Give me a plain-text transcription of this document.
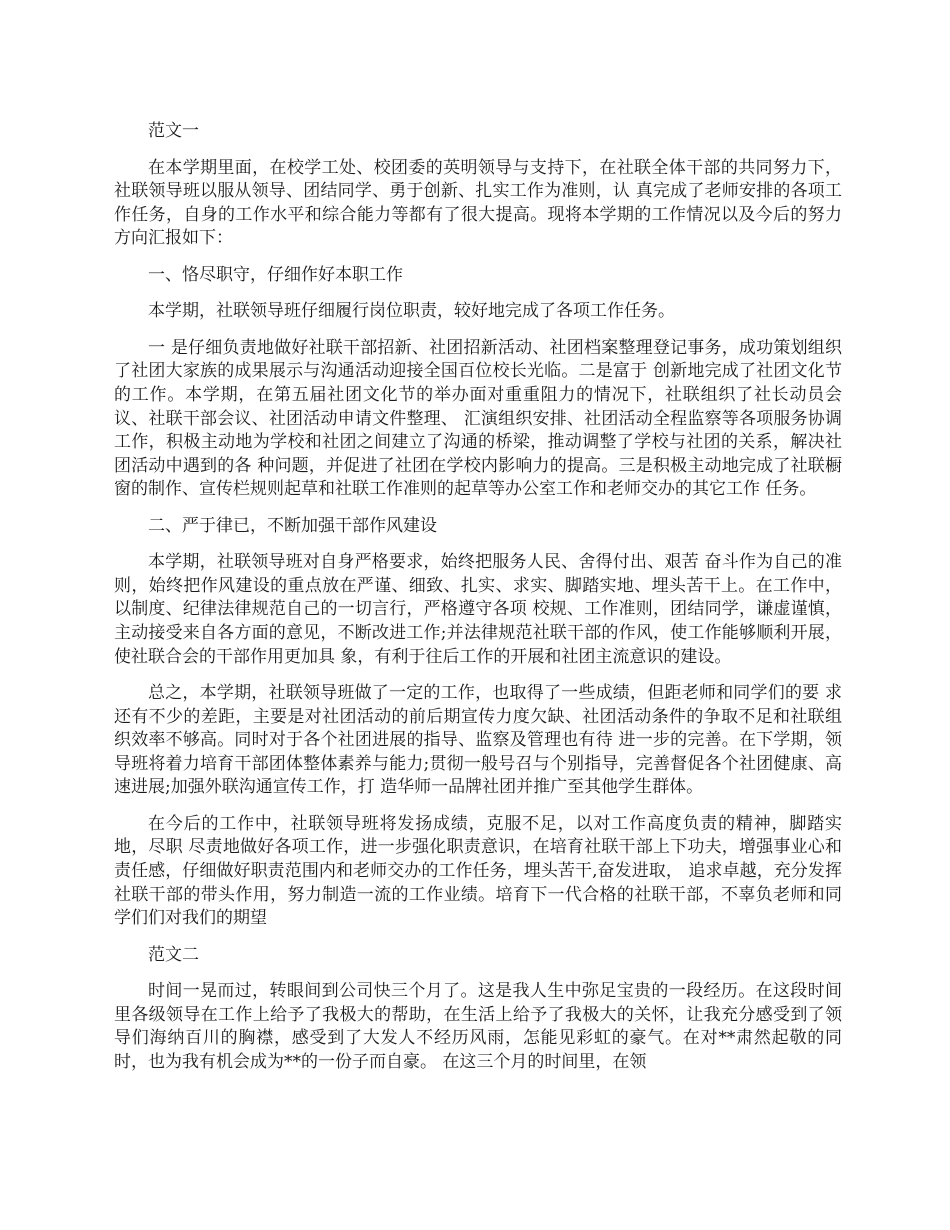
范文一

在本学期里面，在校学工处、校团委的英明领导与支持下，在社联全体干部的共同努力下，社联领导班以服从领导、团结同学、勇于创新、扎实工作为准则，认 真完成了老师安排的各项工作任务，自身的工作水平和综合能力等都有了很大提高。现将本学期的工作情况以及今后的努力方向汇报如下：

一、恪尽职守，仔细作好本职工作

本学期，社联领导班仔细履行岗位职责，较好地完成了各项工作任务。

一 是仔细负责地做好社联干部招新、社团招新活动、社团档案整理登记事务，成功策划组织了社团大家族的成果展示与沟通活动迎接全国百位校长光临。二是富于 创新地完成了社团文化节的工作。本学期，在第五届社团文化节的举办面对重重阻力的情况下，社联组织了社长动员会议、社联干部会议、社团活动申请文件整理、 汇演组织安排、社团活动全程监察等各项服务协调工作，积极主动地为学校和社团之间建立了沟通的桥梁，推动调整了学校与社团的关系，解决社团活动中遇到的各 种问题，并促进了社团在学校内影响力的提高。三是积极主动地完成了社联橱窗的制作、宣传栏规则起草和社联工作准则的起草等办公室工作和老师交办的其它工作 任务。

二、严于律已，不断加强干部作风建设

本学期，社联领导班对自身严格要求，始终把服务人民、舍得付出、艰苦 奋斗作为自己的准则，始终把作风建设的重点放在严谨、细致、扎实、求实、脚踏实地、埋头苦干上。在工作中，以制度、纪律法律规范自己的一切言行，严格遵守各项 校规、工作准则，团结同学，谦虚谨慎，主动接受来自各方面的意见，不断改进工作;并法律规范社联干部的作风，使工作能够顺利开展，使社联合会的干部作用更加具 象，有利于往后工作的开展和社团主流意识的建设。

总之，本学期，社联领导班做了一定的工作，也取得了一些成绩，但距老师和同学们的要 求还有不少的差距，主要是对社团活动的前后期宣传力度欠缺、社团活动条件的争取不足和社联组织效率不够高。同时对于各个社团进展的指导、监察及管理也有待 进一步的完善。在下学期，领导班将着力培育干部团体整体素养与能力;贯彻一般号召与个别指导，完善督促各个社团健康、高速进展;加强外联沟通宣传工作，打 造华师一品牌社团并推广至其他学生群体。

在今后的工作中，社联领导班将发扬成绩，克服不足，以对工作高度负责的精神，脚踏实地，尽职 尽责地做好各项工作，进一步强化职责意识，在培育社联干部上下功夫，增强事业心和责任感，仔细做好职责范围内和老师交办的工作任务，埋头苦干,奋发进取， 追求卓越，充分发挥社联干部的带头作用，努力制造一流的工作业绩。培育下一代合格的社联干部，不辜负老师和同学们们对我们的期望

范文二

时间一晃而过，转眼间到公司快三个月了。这是我人生中弥足宝贵的一段经历。在这段时间里各级领导在工作上给予了我极大的帮助，在生活上给予了我极大的关怀，让我充分感受到了领导们海纳百川的胸襟，感受到了大发人不经历风雨，怎能见彩虹的豪气。在对**肃然起敬的同时，也为我有机会成为**的一份子而自豪。 在这三个月的时间里，在领
